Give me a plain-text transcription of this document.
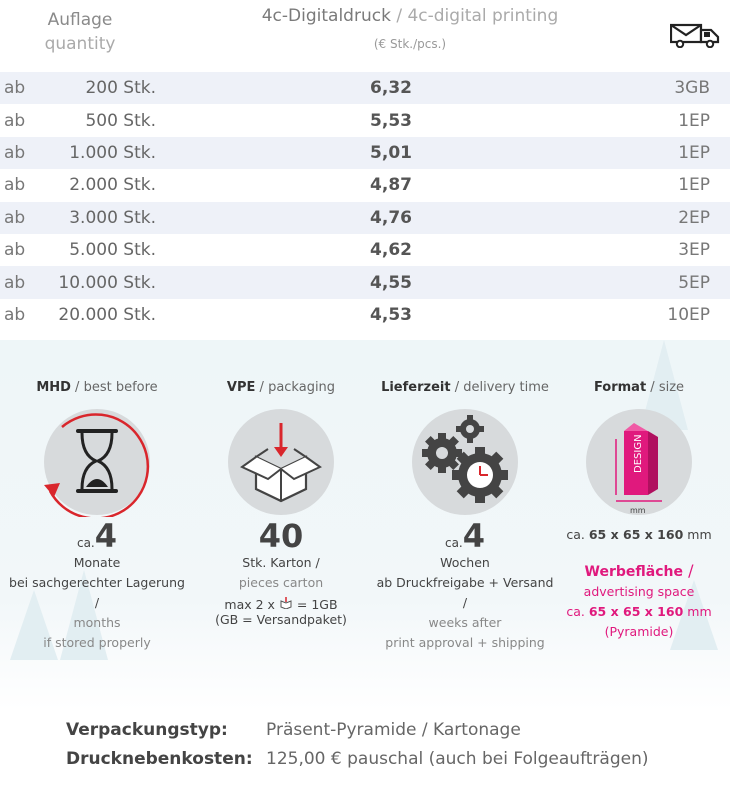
Auflage
quantity
4c-Digitaldruck / 4c-digital printing
(€ Stk./pcs.)
ab	200 Stk.	6,32	3GB
ab	500 Stk.	5,53	1EP
ab	1.000 Stk.	5,01	1EP
ab	2.000 Stk.	4,87	1EP
ab	3.000 Stk.	4,76	2EP
ab	5.000 Stk.	4,62	3EP
ab	10.000 Stk.	4,55	5EP
ab	20.000 Stk.	4,53	10EP
MHD / best before
ca.4
Monate
bei sachgerechter Lagerung /
months
if stored properly
VPE / packaging
40
Stk. Karton /
pieces carton
max 2 x = 1GB
(GB = Versandpaket)
Lieferzeit / delivery time
ca.4
Wochen
ab Druckfreigabe + Versand /
weeks after
print approval + shipping
Format / size
DESIGN
mm
ca. 65 x 65 x 160 mm
Werbefläche /
advertising space
ca. 65 x 65 x 160 mm
(Pyramide)
Verpackungstyp: Präsent-Pyramide / Kartonage
Drucknebenkosten: 125,00 € pauschal (auch bei Folgeaufträgen)
